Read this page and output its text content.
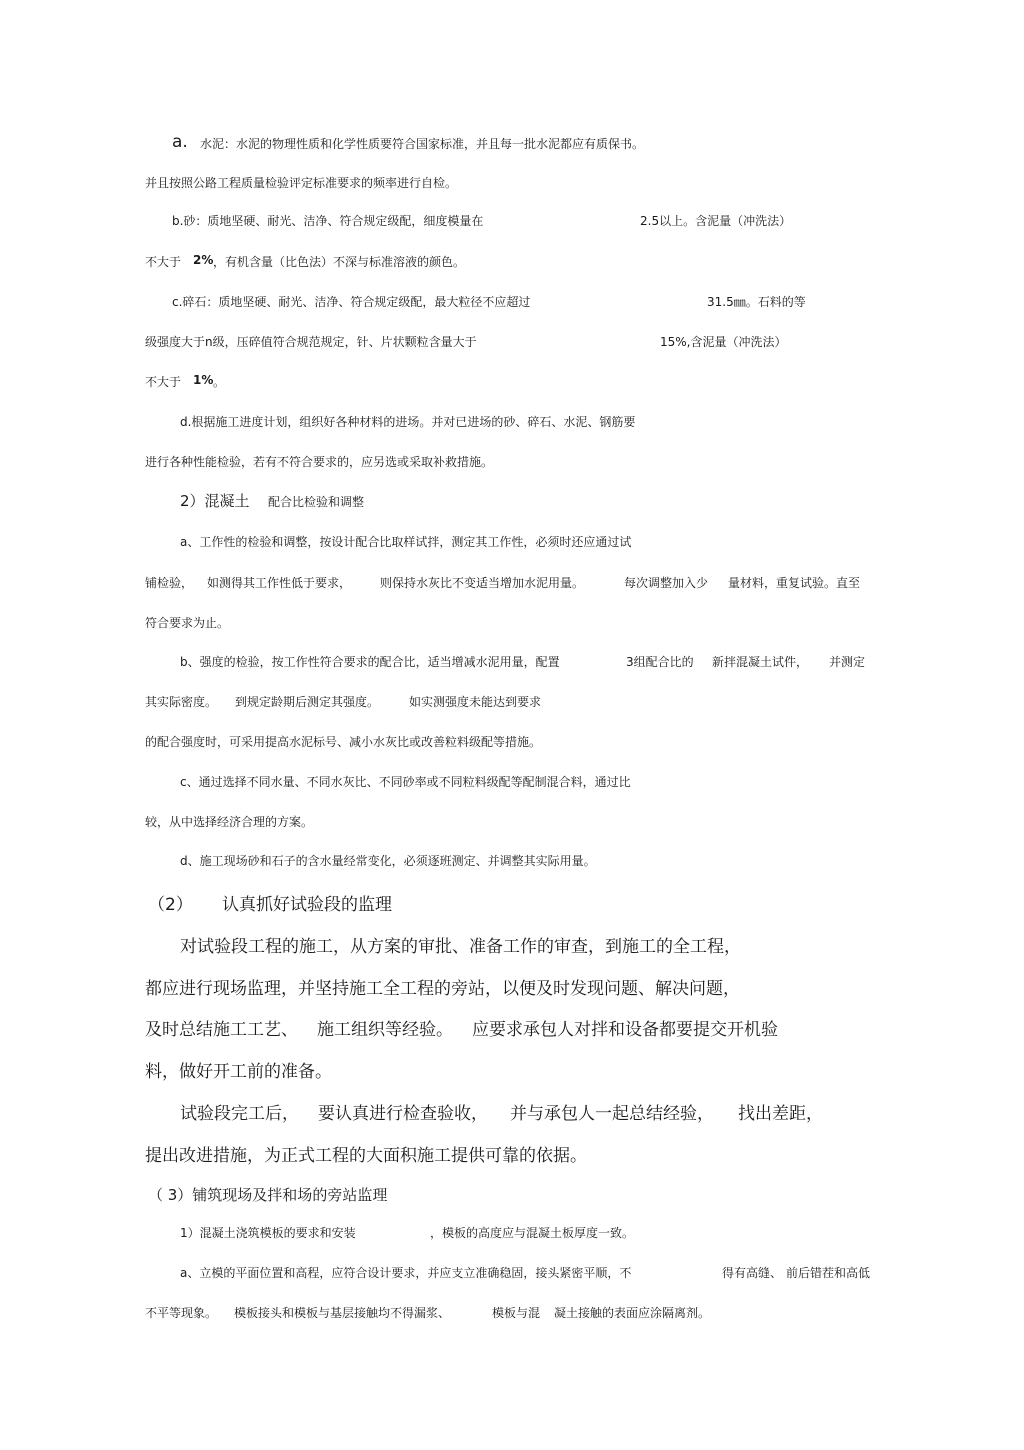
a. 水泥：水泥的物理性质和化学性质要符合国家标准，并且每一批水泥都应有质保书。
并且按照公路工程质量检验评定标准要求的频率进行自检。
b.砂：质地坚硬、耐光、洁净、符合规定级配，细度模量在	2.5以上。含泥量（冲洗法）
不大于 2% ，有机含量（比色法）不深与标准溶液的颜色。
c.碎石：质地坚硬、耐光、洁净、符合规定级配，最大粒径不应超过	31.5㎜。石料的等
级强度大于n级，压碎值符合规范规定，针、片状颗粒含量大于	15%,含泥量（冲洗法）
不大于 1% 。
d.根据施工进度计划，组织好各种材料的进场。并对已进场的砂、碎石、水泥、钢筋要
进行各种性能检验，若有不符合要求的，应另选或采取补救措施。
2）混凝土 配合比检验和调整
a、工作性的检验和调整，按设计配合比取样试拌，测定其工作性，必须时还应通过试
铺检验， 如测得其工作性低于要求， 则保持水灰比不变适当增加水泥用量。	每次调整加入少 量材料，重复试验。直至
符合要求为止。
b、强度的检验，按工作性符合要求的配合比，适当增减水泥用量，配置	3组配合比的 新拌混凝土试件， 并测定
其实际密度。 到规定龄期后测定其强度。 如实测强度未能达到要求
的配合强度时，可采用提高水泥标号、减小水灰比或改善粒料级配等措施。
c、通过选择不同水量、不同水灰比、不同砂率或不同粒料级配等配制混合料，通过比
较，从中选择经济合理的方案。
d、施工现场砂和石子的含水量经常变化，必须逐班测定、并调整其实际用量。
（2） 认真抓好试验段的监理
对试验段工程的施工，从方案的审批、准备工作的审查，到施工的全工程，
都应进行现场监理，并坚持施工全工程的旁站，以便及时发现问题、解决问题，
及时总结施工工艺、 施工组织等经验。 应要求承包人对拌和设备都要提交开机验
料，做好开工前的准备。
试验段完工后， 要认真进行检查验收， 并与承包人一起总结经验， 找出差距，
提出改进措施，为正式工程的大面积施工提供可靠的依据。
（ 3）铺筑现场及拌和场的旁站监理
1）混凝土浇筑模板的要求和安装	，模板的高度应与混凝土板厚度一致。
a、立模的平面位置和高程，应符合设计要求，并应支立准确稳固，接头紧密平顺，不	得有高缝、 前后错茬和高低
不平等现象。 模板接头和模板与基层接触均不得漏浆、	模板与混 凝土接触的表面应涂隔离剂。
